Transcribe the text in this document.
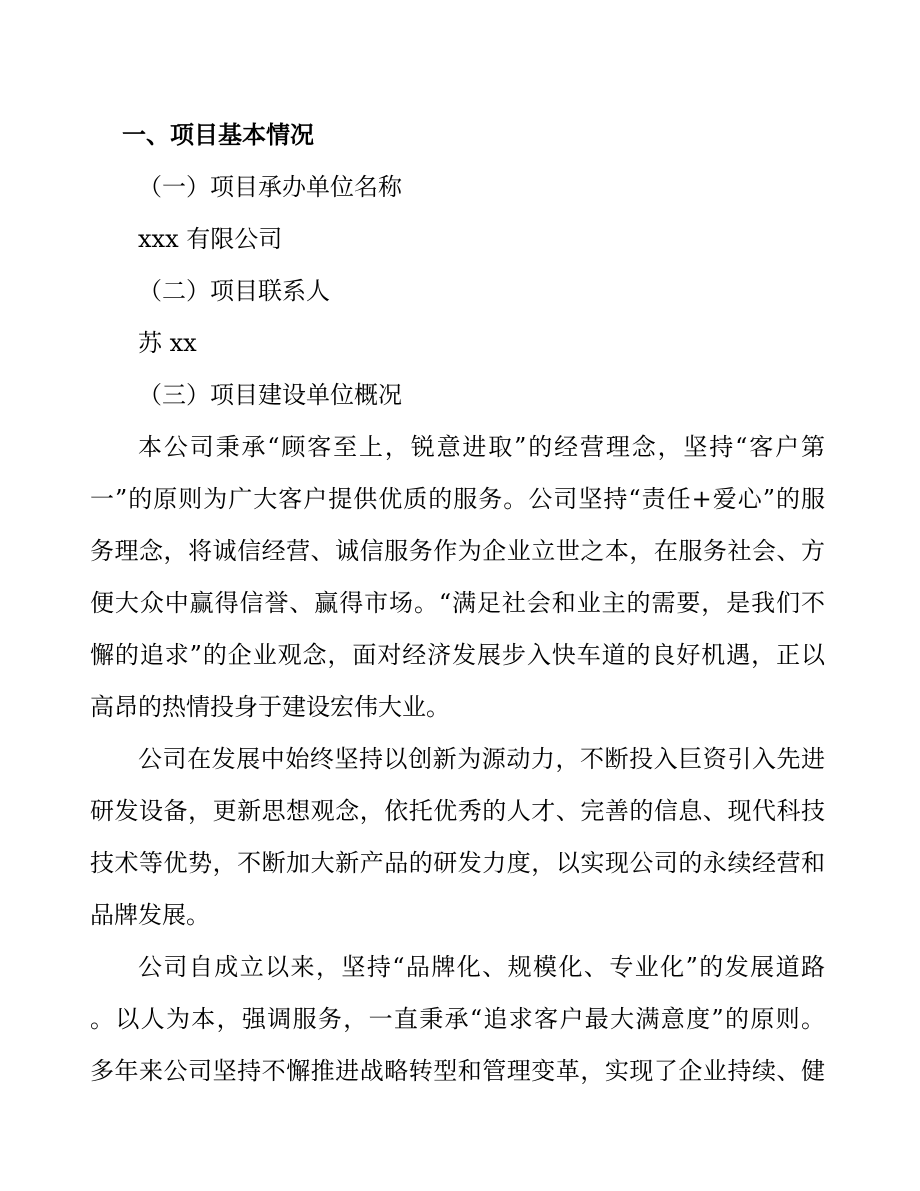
一、项目基本情况
（一）项目承办单位名称
xxx 有限公司
（二）项目联系人
苏 xx
（三）项目建设单位概况
本公司秉承“顾客至上，锐意进取”的经营理念，坚持“客户第
一”的原则为广大客户提供优质的服务。公司坚持“责任+爱心”的服
务理念，将诚信经营、诚信服务作为企业立世之本，在服务社会、方
便大众中赢得信誉、赢得市场。“满足社会和业主的需要，是我们不
懈的追求”的企业观念，面对经济发展步入快车道的良好机遇，正以
高昂的热情投身于建设宏伟大业。
公司在发展中始终坚持以创新为源动力，不断投入巨资引入先进
研发设备，更新思想观念，依托优秀的人才、完善的信息、现代科技
技术等优势，不断加大新产品的研发力度，以实现公司的永续经营和
品牌发展。
公司自成立以来，坚持“品牌化、规模化、专业化”的发展道路
。以人为本，强调服务，一直秉承“追求客户最大满意度”的原则。
多年来公司坚持不懈推进战略转型和管理变革，实现了企业持续、健
